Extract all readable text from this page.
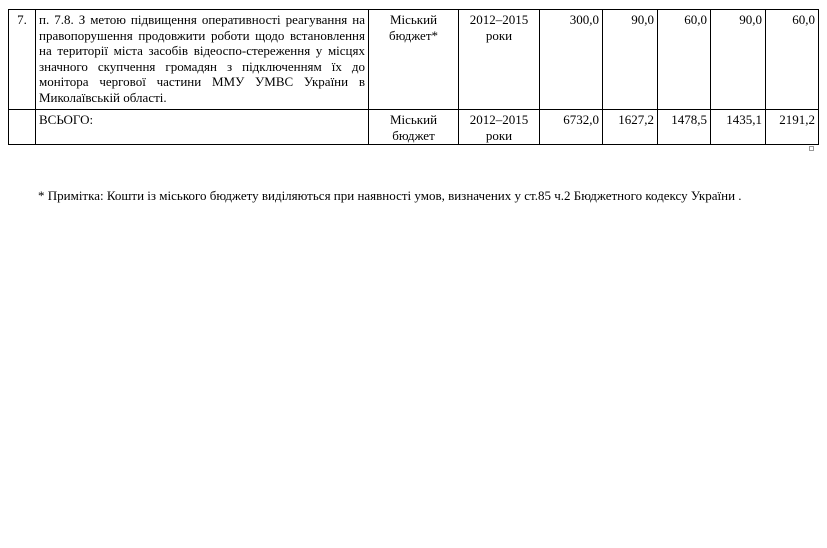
7.	п. 7.8. З метою підвищення оперативності реагування на правопорушення продовжити роботи щодо встановлення на території міста засобів відеоспо-стереження у місцях значного скупчення громадян з підключенням їх до монітора чергової частини ММУ УМВС України в Миколаївській області.	Міський бюджет*	2012–2015 роки	300,0	90,0	60,0	90,0	60,0
	ВСЬОГО:	Міський бюджет	2012–2015 роки	6732,0	1627,2	1478,5	1435,1	2191,2
* Примітка: Кошти із міського бюджету виділяються при наявності умов, визначених у ст.85 ч.2 Бюджетного кодексу України .
